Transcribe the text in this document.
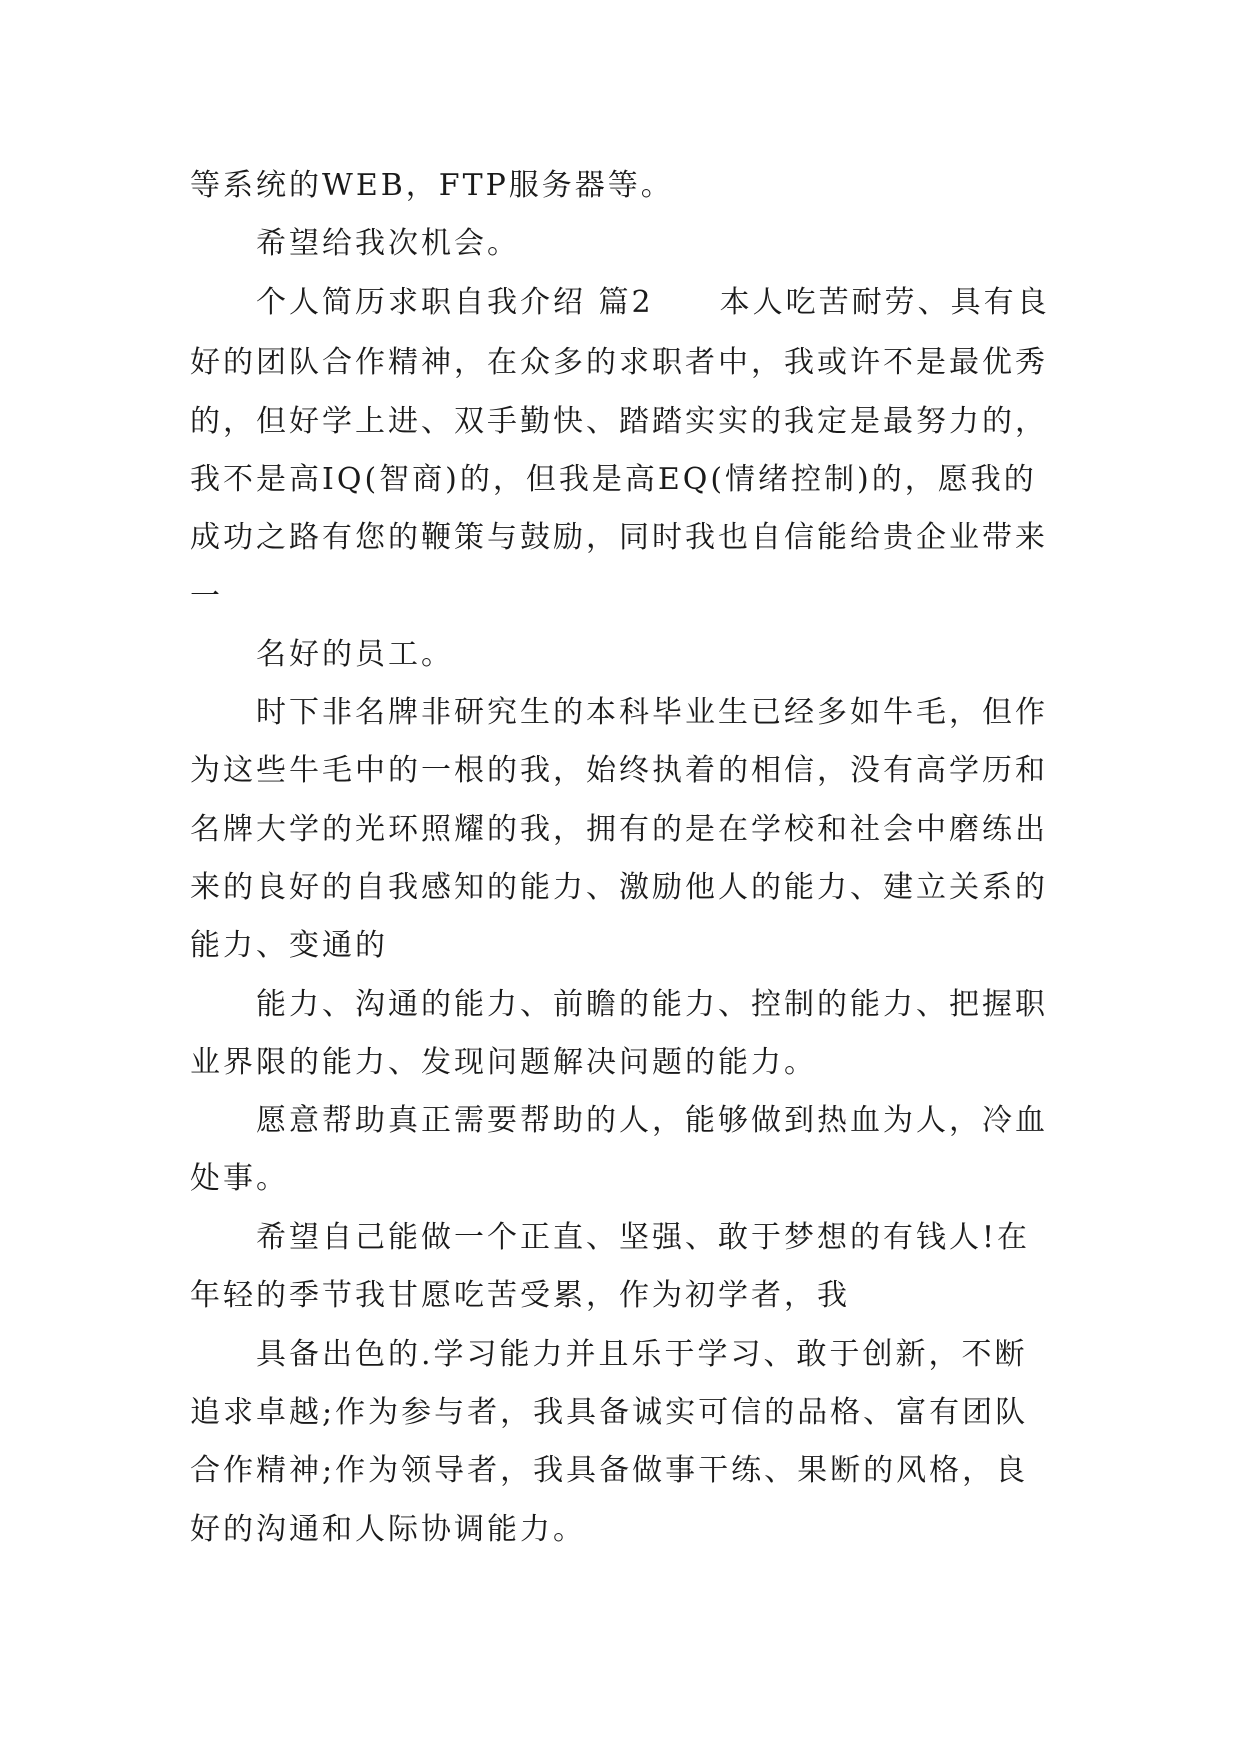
等系统的WEB，FTP服务器等。
希望给我次机会。
个人简历求职自我介绍 篇2　　本人吃苦耐劳、具有良
好的团队合作精神，在众多的求职者中，我或许不是最优秀
的，但好学上进、双手勤快、踏踏实实的我定是最努力的，
我不是高IQ(智商)的，但我是高EQ(情绪控制)的，愿我的
成功之路有您的鞭策与鼓励，同时我也自信能给贵企业带来
一
名好的员工。
时下非名牌非研究生的本科毕业生已经多如牛毛，但作
为这些牛毛中的一根的我，始终执着的相信，没有高学历和
名牌大学的光环照耀的我，拥有的是在学校和社会中磨练出
来的良好的自我感知的能力、激励他人的能力、建立关系的
能力、变通的
能力、沟通的能力、前瞻的能力、控制的能力、把握职
业界限的能力、发现问题解决问题的能力。
愿意帮助真正需要帮助的人，能够做到热血为人，冷血
处事。
希望自己能做一个正直、坚强、敢于梦想的有钱人!在
年轻的季节我甘愿吃苦受累，作为初学者，我
具备出色的.学习能力并且乐于学习、敢于创新，不断
追求卓越;作为参与者，我具备诚实可信的品格、富有团队
合作精神;作为领导者，我具备做事干练、果断的风格，良
好的沟通和人际协调能力。
